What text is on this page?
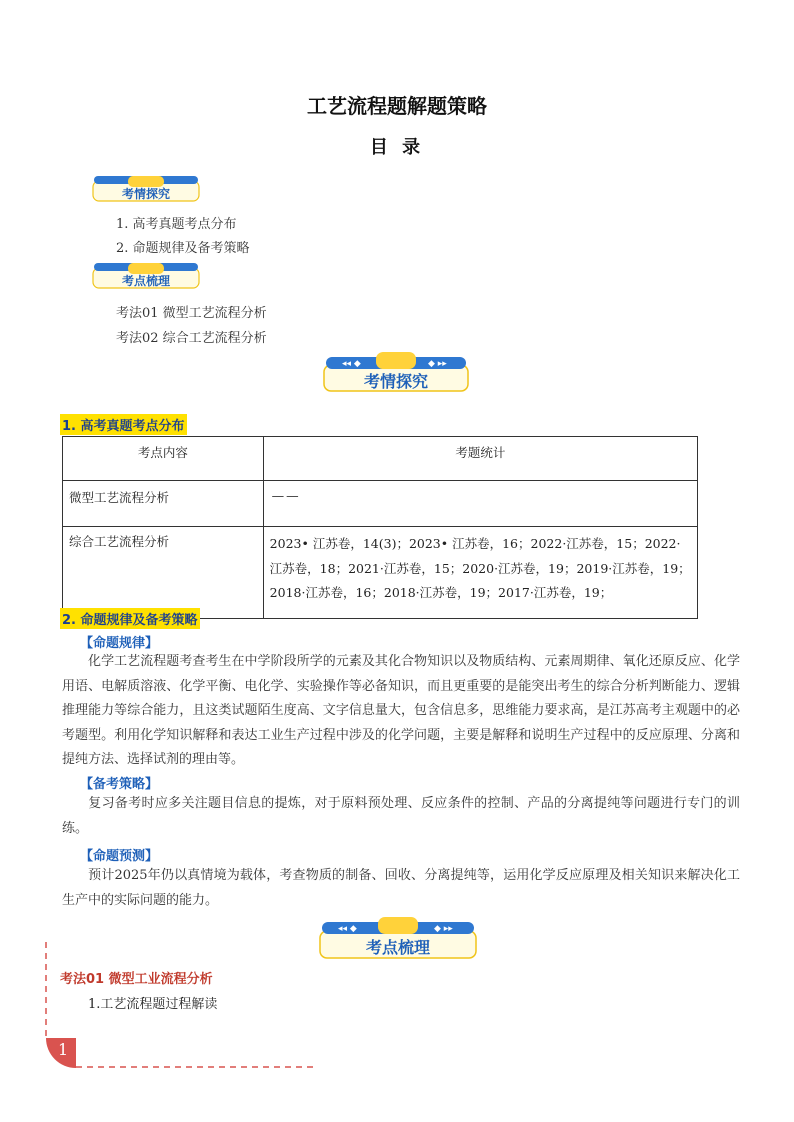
工艺流程题解题策略
目 录
考情探究
1. 高考真题考点分布
2. 命题规律及备考策略
考点梳理
考法01 微型工艺流程分析
考法02 综合工艺流程分析
◂◂ ◆	◆ ▸▸
考情探究
1. 高考真题考点分布
考点内容	考题统计
微型工艺流程分析	——
综合工艺流程分析	2023• 江苏卷，14(3)；2023• 江苏卷，16；2022·江苏卷，15；2022·江苏卷，18；2021·江苏卷，15；2020·江苏卷，19；2019·江苏卷，19；2018·江苏卷，16；2018·江苏卷，19；2017·江苏卷，19；
2. 命题规律及备考策略
【命题规律】
化学工艺流程题考查考生在中学阶段所学的元素及其化合物知识以及物质结构、元素周期律、氧化还原反应、化学用语、电解质溶液、化学平衡、电化学、实验操作等必备知识，而且更重要的是能突出考生的综合分析判断能力、逻辑推理能力等综合能力，且这类试题陌生度高、文字信息量大，包含信息多，思维能力要求高，是江苏高考主观题中的必考题型。利用化学知识解释和表达工业生产过程中涉及的化学问题，主要是解释和说明生产过程中的反应原理、分离和提纯方法、选择试剂的理由等。
【备考策略】
复习备考时应多关注题目信息的提炼，对于原料预处理、反应条件的控制、产品的分离提纯等问题进行专门的训练。
【命题预测】
预计2025年仍以真情境为载体，考查物质的制备、回收、分离提纯等，运用化学反应原理及相关知识来解决化工生产中的实际问题的能力。
◂◂ ◆	◆ ▸▸
考点梳理
考法01 微型工业流程分析
1.工艺流程题过程解读
1
